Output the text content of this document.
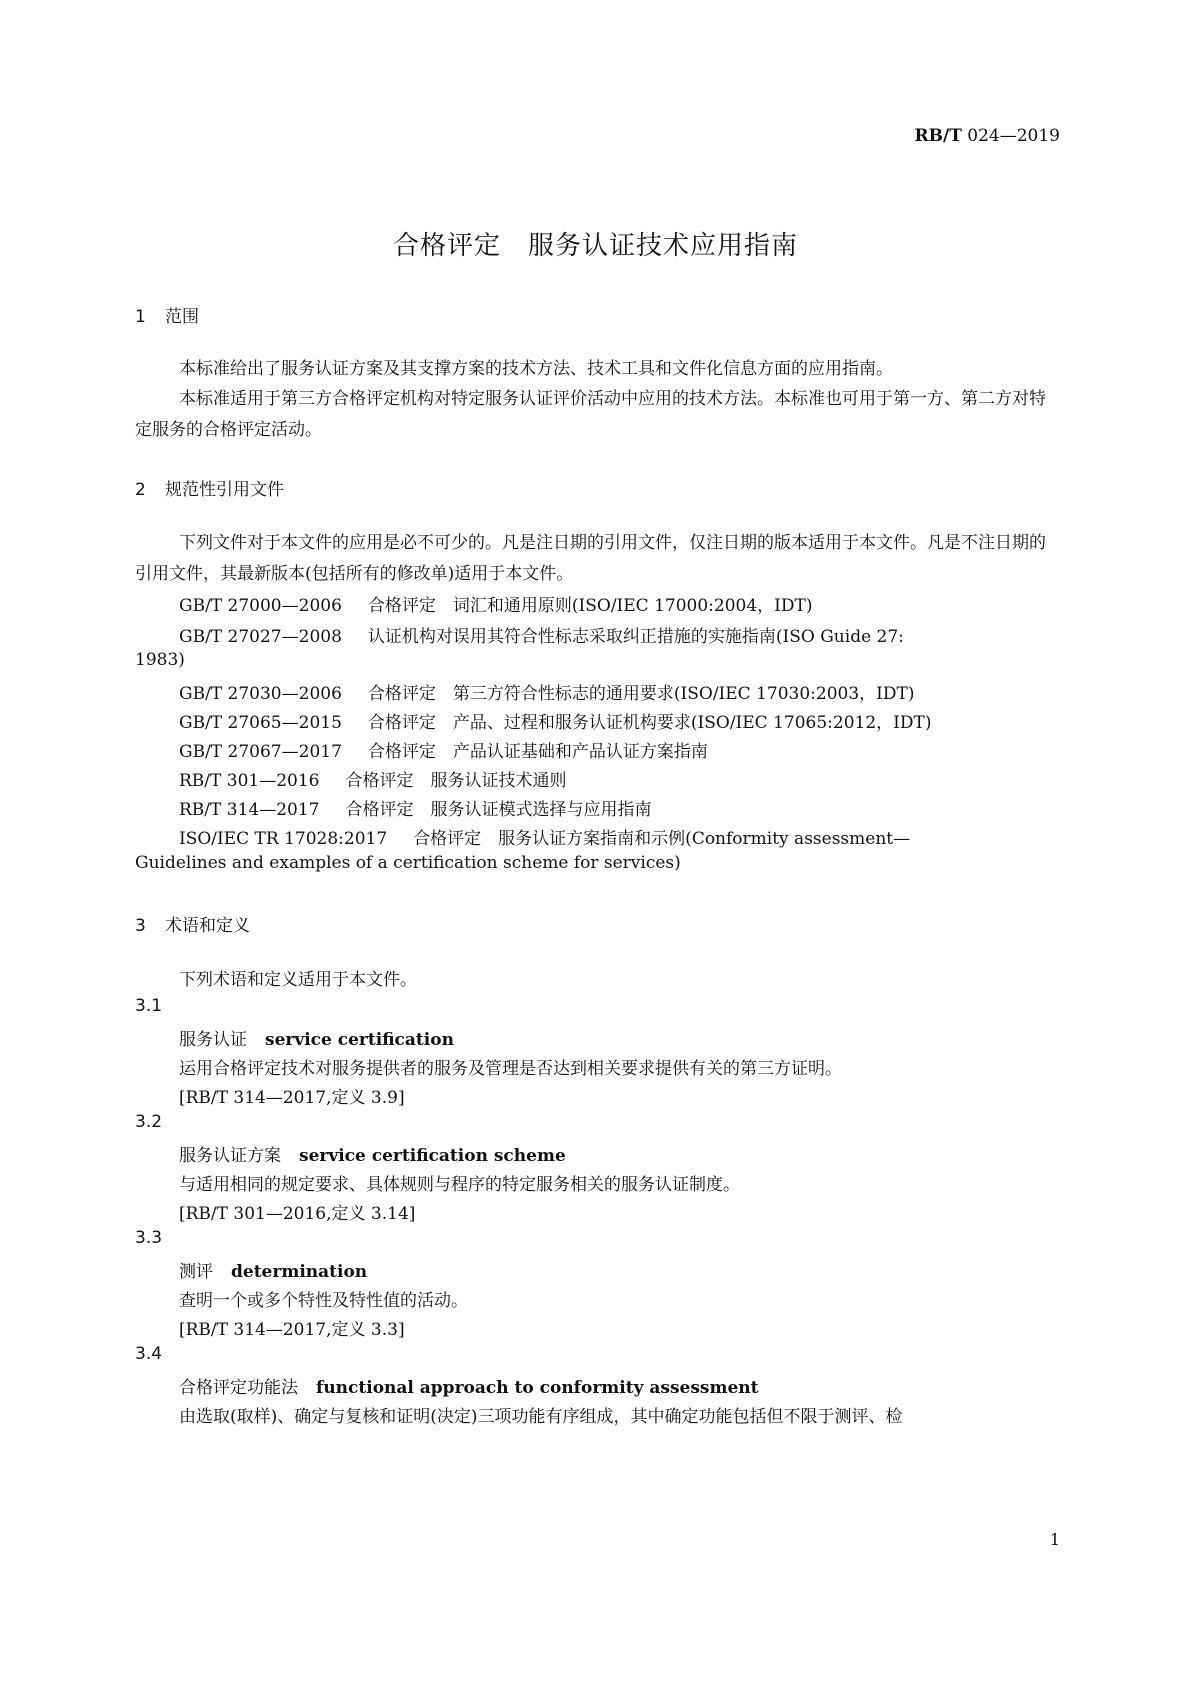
RB/T 024—2019
合格评定　服务认证技术应用指南
1 范围
本标准给出了服务认证方案及其支撑方案的技术方法、技术工具和文件化信息方面的应用指南。
本标准适用于第三方合格评定机构对特定服务认证评价活动中应用的技术方法。本标准也可用于第一方、第二方对特定服务的合格评定活动。
2 规范性引用文件
下列文件对于本文件的应用是必不可少的。凡是注日期的引用文件，仅注日期的版本适用于本文件。凡是不注日期的引用文件，其最新版本(包括所有的修改单)适用于本文件。
GB/T 27000—2006 合格评定　词汇和通用原则(ISO/IEC 17000:2004，IDT)
GB/T 27027—2008 认证机构对误用其符合性标志采取纠正措施的实施指南(ISO Guide 27:
1983)
GB/T 27030—2006 合格评定　第三方符合性标志的通用要求(ISO/IEC 17030:2003，IDT)
GB/T 27065—2015 合格评定　产品、过程和服务认证机构要求(ISO/IEC 17065:2012，IDT)
GB/T 27067—2017 合格评定　产品认证基础和产品认证方案指南
RB/T 301—2016 合格评定　服务认证技术通则
RB/T 314—2017 合格评定　服务认证模式选择与应用指南
ISO/IEC TR 17028:2017 合格评定　服务认证方案指南和示例(Conformity assessment—
Guidelines and examples of a certification scheme for services)
3 术语和定义
下列术语和定义适用于本文件。
3.1
服务认证 service certification
运用合格评定技术对服务提供者的服务及管理是否达到相关要求提供有关的第三方证明。
[RB/T 314—2017,定义 3.9]
3.2
服务认证方案 service certification scheme
与适用相同的规定要求、具体规则与程序的特定服务相关的服务认证制度。
[RB/T 301—2016,定义 3.14]
3.3
测评 determination
查明一个或多个特性及特性值的活动。
[RB/T 314—2017,定义 3.3]
3.4
合格评定功能法 functional approach to conformity assessment
由选取(取样)、确定与复核和证明(决定)三项功能有序组成，其中确定功能包括但不限于测评、检
1
